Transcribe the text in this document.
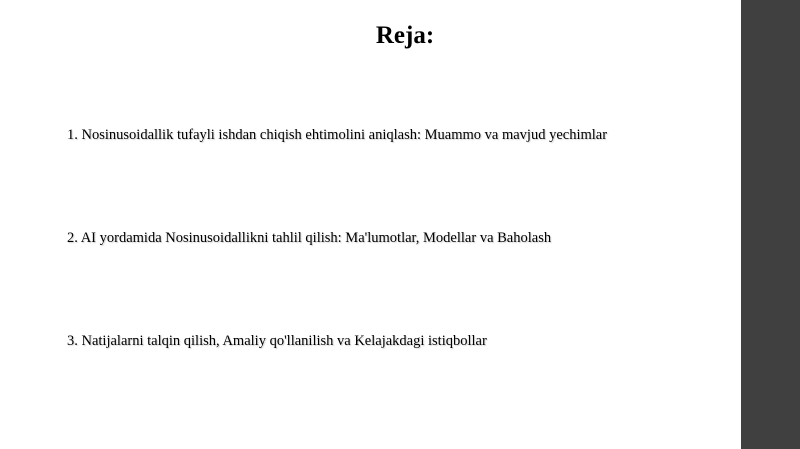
Reja:
1. Nosinusoidallik tufayli ishdan chiqish ehtimolini aniqlash: Muammo va mavjud yechimlar
2. AI yordamida Nosinusoidallikni tahlil qilish: Ma'lumotlar, Modellar va Baholash
3. Natijalarni talqin qilish, Amaliy qo'llanilish va Kelajakdagi istiqbollar
